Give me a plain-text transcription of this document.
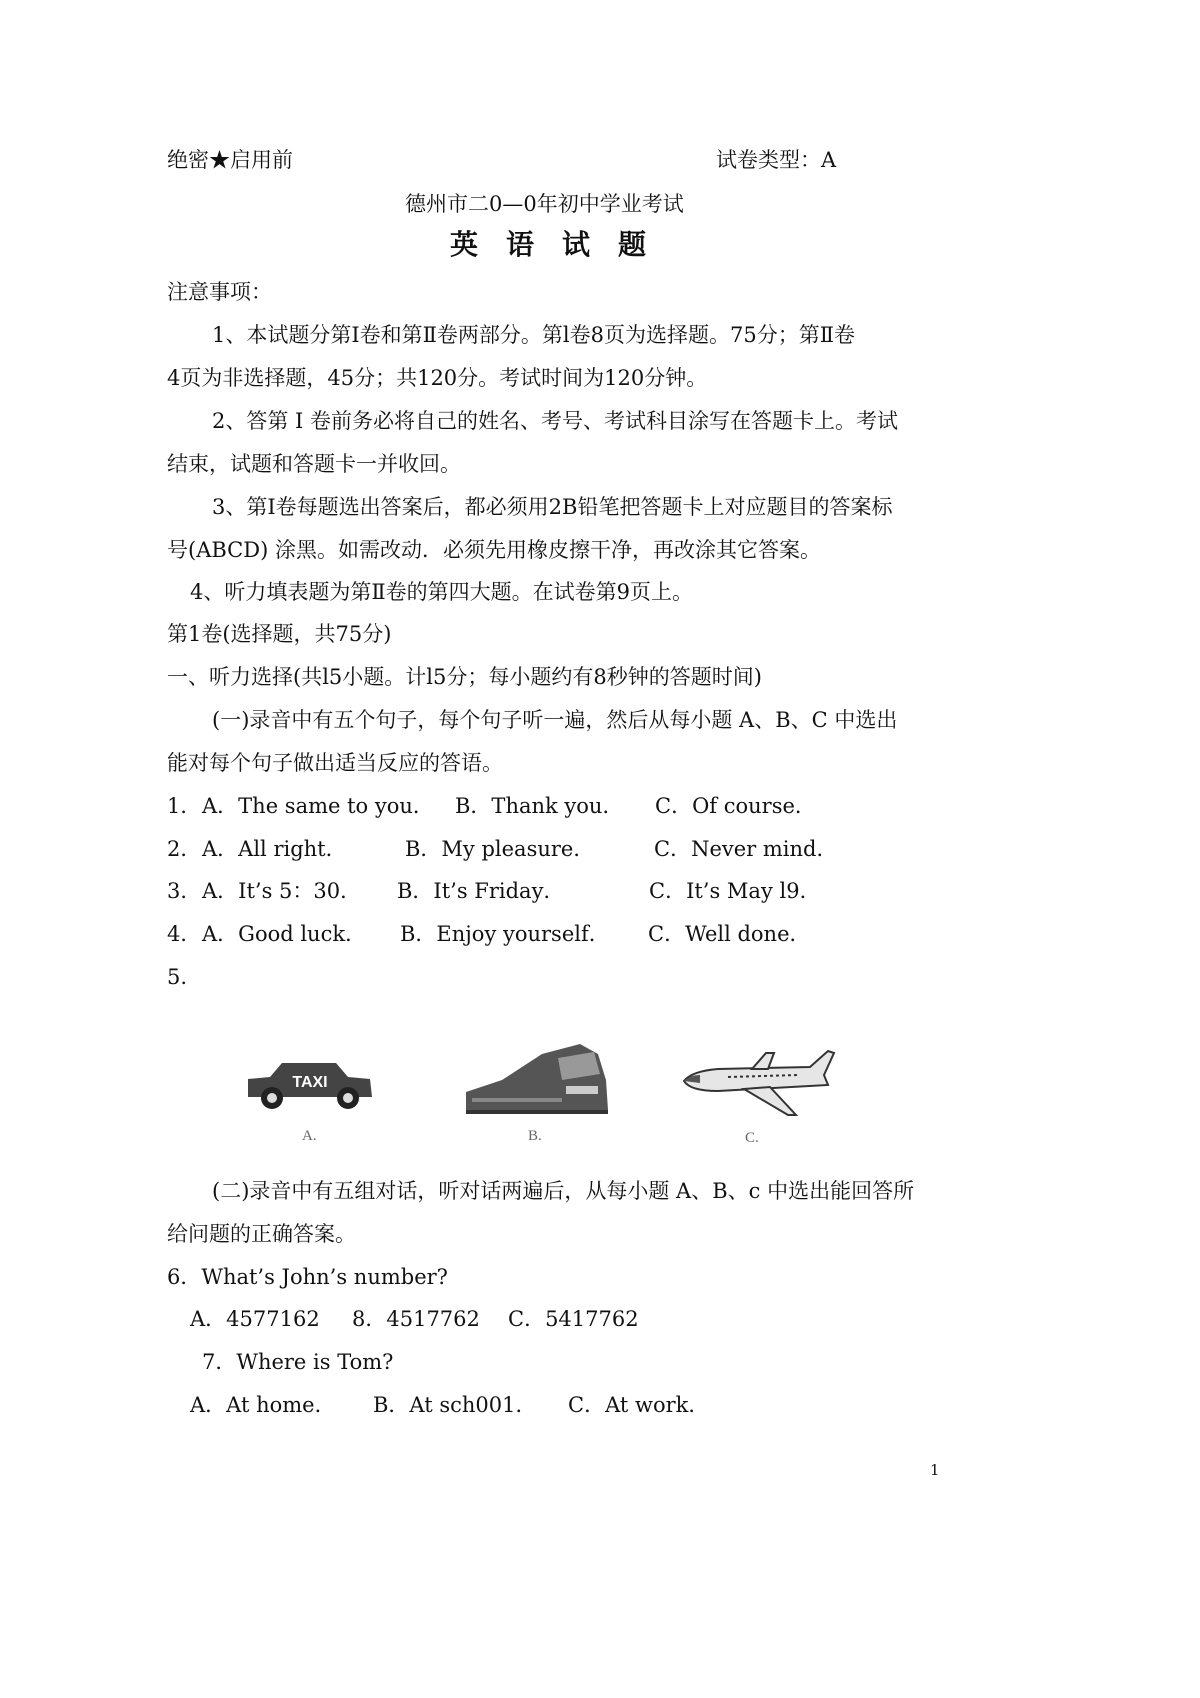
绝密★启用前	试卷类型：A
德州市二0—0年初中学业考试
英　语　试　题
注意事项：
1、本试题分第I卷和第Ⅱ卷两部分。第l卷8页为选择题。75分；第Ⅱ卷
4页为非选择题，45分；共120分。考试时间为120分钟。
2、答第 I 卷前务必将自己的姓名、考号、考试科目涂写在答题卡上。考试
结束，试题和答题卡一并收回。
3、第I卷每题选出答案后，都必须用2B铅笔把答题卡上对应题目的答案标
号(ABCD) 涂黑。如需改动．必须先用橡皮擦干净，再改涂其它答案。
4、听力填表题为第Ⅱ卷的第四大题。在试卷第9页上。
第1卷(选择题，共75分)
一、听力选择(共l5小题。计l5分；每小题约有8秒钟的答题时间)
(一)录音中有五个句子，每个句子听一遍，然后从每小题 A、B、C 中选出
能对每个句子做出适当反应的答语。
1． A．The same to you． B．Thank you． C．Of course．
2． A．All right．	B．My pleasure．	C．Never mind．
3． A．It’s 5：30． B．It’s Friday．	C．It’s May l9．
4． A．Good luck． B．Enjoy yourself． C．Well done．
5.
TAXI
A.	B.	C.
(二)录音中有五组对话，听对话两遍后，从每小题 A、B、c 中选出能回答所
给问题的正确答案。
6．What’s John’s number?
A．4577162 8．4517762 C．5417762
7．Where is Tom?
A．At home． B．At sch001． C．At work．
1
